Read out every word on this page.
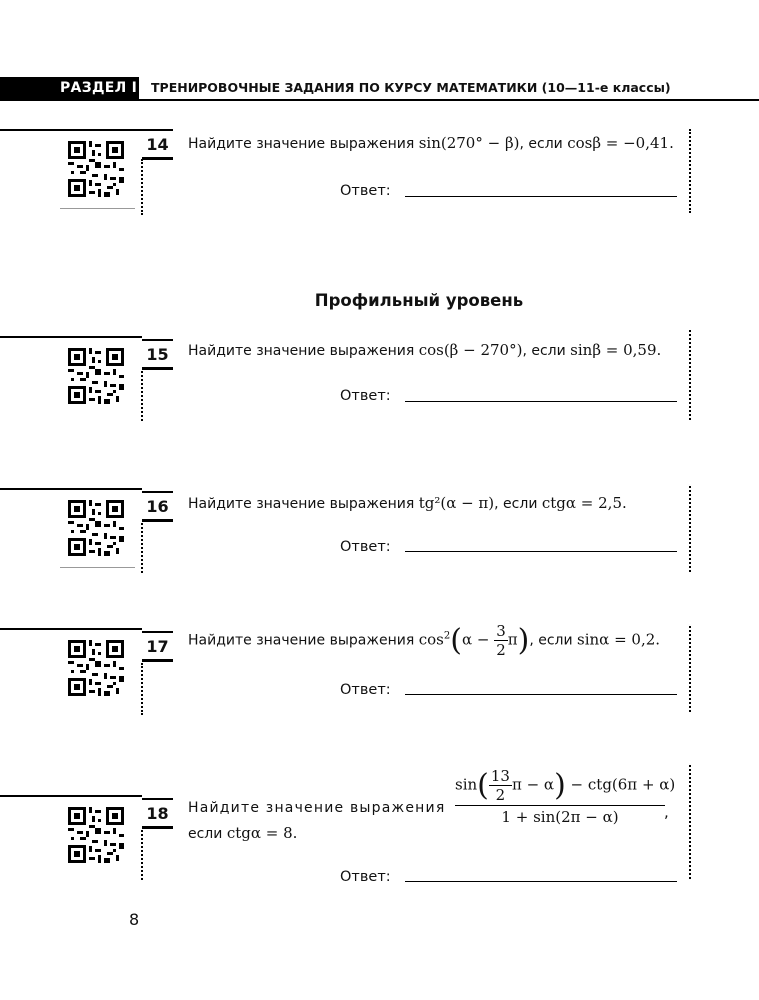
РАЗДЕЛ I ТРЕНИРОВОЧНЫЕ ЗАДАНИЯ ПО КУРСУ МАТЕМАТИКИ (10—11-е классы)
14	Найдите значение выражения sin(270° − β), если cosβ = −0,41.
Ответ:
Профильный уровень
15	Найдите значение выражения cos(β − 270°), если sinβ = 0,59.
Ответ:
16	Найдите значение выражения tg²(α − π), если ctgα = 2,5.
Ответ:
17	Найдите значение выражения $\cos^2(\alpha - \frac{3}{2} \pi)$, если sinα = 0,2.
Ответ:
18	Найдите значение выражения
$\sin( \frac{13}{2}$ π − α) − ctg(6π + α)
1 + sin(2π − α)	,
если ctgα = 8.
Ответ:
8
